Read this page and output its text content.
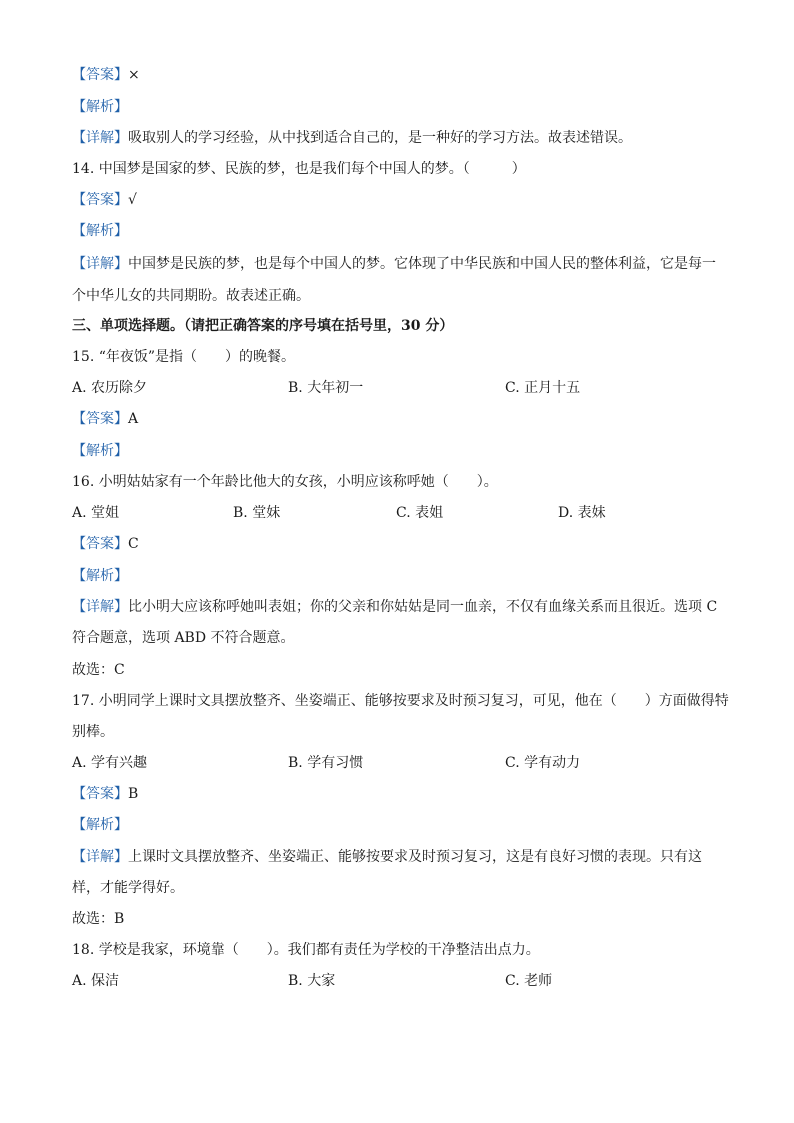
【答案】×
【解析】
【详解】吸取别人的学习经验，从中找到适合自己的，是一种好的学习方法。故表述错误。
14. 中国梦是国家的梦、民族的梦，也是我们每个中国人的梦。（　　　）
【答案】√
【解析】
【详解】中国梦是民族的梦，也是每个中国人的梦。它体现了中华民族和中国人民的整体利益，它是每一
个中华儿女的共同期盼。故表述正确。
三、单项选择题。（请把正确答案的序号填在括号里，30 分）
15. “年夜饭”是指（　　）的晚餐。
A. 农历除夕	B. 大年初一	C. 正月十五
【答案】A
【解析】
16. 小明姑姑家有一个年龄比他大的女孩，小明应该称呼她（　　）。
A. 堂姐	B. 堂妹	C. 表姐	D. 表妹
【答案】C
【解析】
【详解】比小明大应该称呼她叫表姐；你的父亲和你姑姑是同一血亲，不仅有血缘关系而且很近。选项 C
符合题意，选项 ABD 不符合题意。
故选：C
17. 小明同学上课时文具摆放整齐、坐姿端正、能够按要求及时预习复习，可见，他在（　　）方面做得特
别棒。
A. 学有兴趣	B. 学有习惯	C. 学有动力
【答案】B
【解析】
【详解】上课时文具摆放整齐、坐姿端正、能够按要求及时预习复习，这是有良好习惯的表现。只有这
样，才能学得好。
故选：B
18. 学校是我家，环境靠（　　）。我们都有责任为学校的干净整洁出点力。
A. 保洁	B. 大家	C. 老师
